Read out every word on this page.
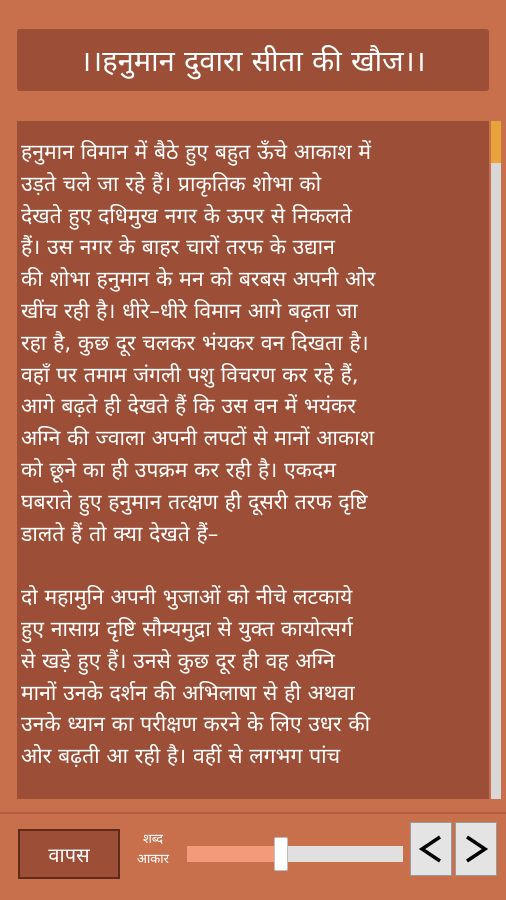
।।हनुमान दुवारा सीता की खौज।।
हनुमान विमान में बैठे हुए बहुत ऊँचे आकाश में
उड़ते चले जा रहे हैं। प्राकृतिक शोभा को
देखते हुए दधिमुख नगर के ऊपर से निकलते
हैं। उस नगर के बाहर चारों तरफ के उद्यान
की शोभा हनुमान के मन को बरबस अपनी ओर
खींच रही है। धीरे–धीरे विमान आगे बढ़ता जा
रहा है, कुछ दूर चलकर भंयकर वन दिखता है।
वहाँ पर तमाम जंगली पशु विचरण कर रहे हैं,
आगे बढ़ते ही देखते हैं कि उस वन में भयंकर
अग्नि की ज्वाला अपनी लपटों से मानों आकाश
को छूने का ही उपक्रम कर रही है। एकदम
घबराते हुए हनुमान तत्क्षण ही दूसरी तरफ दृष्टि
डालते हैं तो क्या देखते हैं–
दो महामुनि अपनी भुजाओं को नीचे लटकाये
हुए नासाग्र दृष्टि सौम्यमुद्रा से युक्त कायोत्सर्ग
से खड़े हुए हैं। उनसे कुछ दूर ही वह अग्नि
मानों उनके दर्शन की अभिलाषा से ही अथवा
उनके ध्यान का परीक्षण करने के लिए उधर की
ओर बढ़ती आ रही है। वहीं से लगभग पांच
वापस
शब्द
आकार
